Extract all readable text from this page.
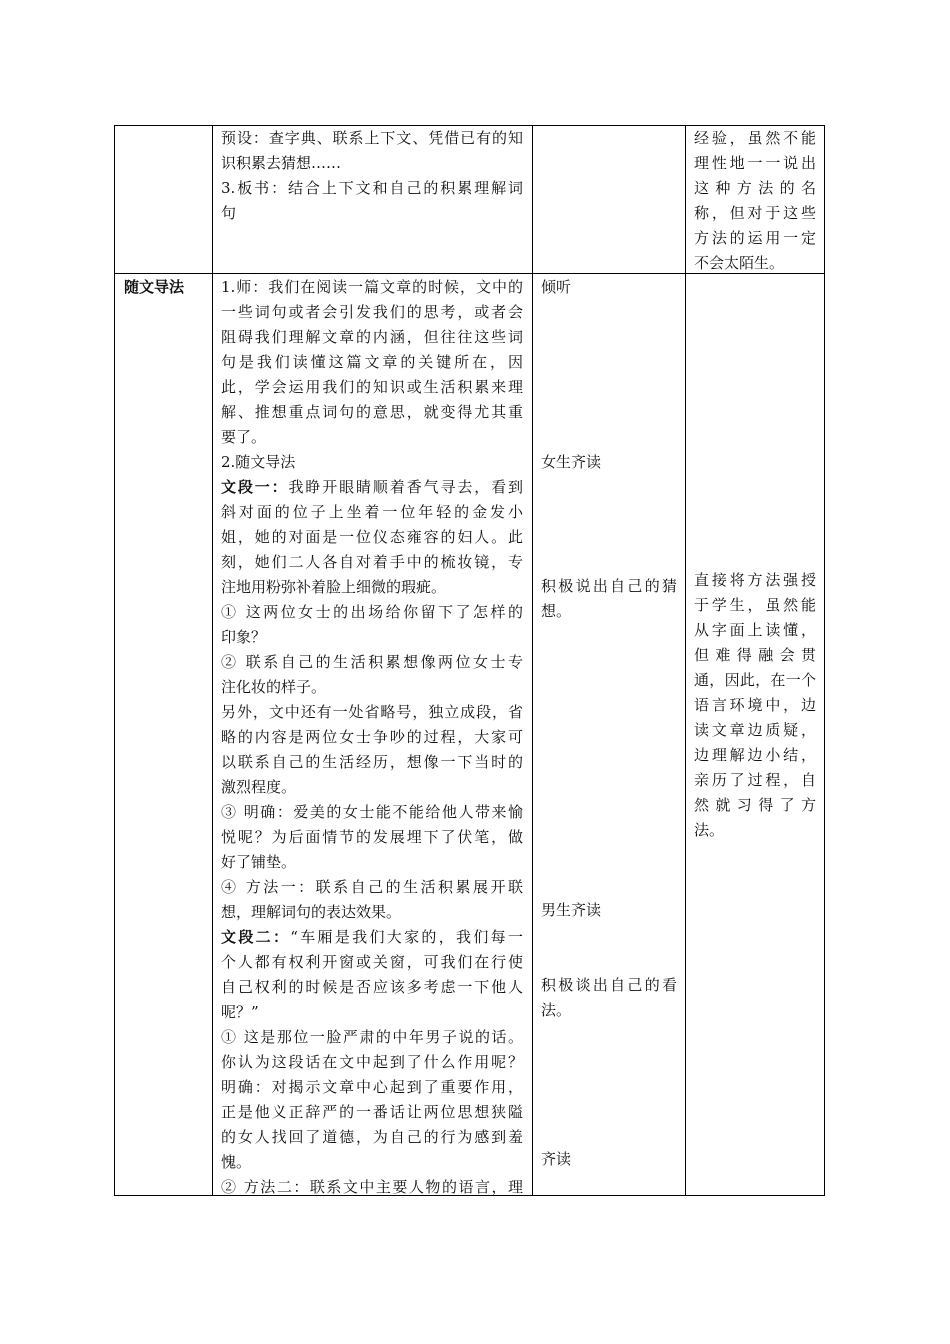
预设：查字典、联系上下文、凭借已有的知

识积累去猜想……

3.板书：结合上下文和自己的积累理解词

句

经验，虽然不能

理性地一一说出

这种方法的名

称，但对于这些

方法的运用一定

不会太陌生。

随文导法 1.师：我们在阅读一篇文章的时候，文中的

一些词句或者会引发我们的思考，或者会

阻碍我们理解文章的内涵，但往往这些词

句是我们读懂这篇文章的关键所在，因

此，学会运用我们的知识或生活积累来理

解、推想重点词句的意思，就变得尤其重

要了。

2.随文导法

文段一：我睁开眼睛顺着香气寻去，看到

斜对面的位子上坐着一位年轻的金发小

姐，她的对面是一位仪态雍容的妇人。此

刻，她们二人各自对着手中的梳妆镜，专

注地用粉弥补着脸上细微的瑕疵。

① 这两位女士的出场给你留下了怎样的

印象？

② 联系自己的生活积累想像两位女士专

注化妆的样子。

另外，文中还有一处省略号，独立成段，省

略的内容是两位女士争吵的过程，大家可

以联系自己的生活经历，想像一下当时的

激烈程度。

③ 明确：爱美的女士能不能给他人带来愉

悦呢？为后面情节的发展埋下了伏笔，做

好了铺垫。

④ 方法一：联系自己的生活积累展开联

想，理解词句的表达效果。

文段二：“车厢是我们大家的，我们每一

个人都有权利开窗或关窗，可我们在行使

自己权利的时候是否应该多考虑一下他人

呢？”

① 这是那位一脸严肃的中年男子说的话。

你认为这段话在文中起到了什么作用呢？

明确：对揭示文章中心起到了重要作用，

正是他义正辞严的一番话让两位思想狭隘

的女人找回了道德，为自己的行为感到羞

愧。

② 方法二：联系文中主要人物的语言，理

倾听
女生齐读

积极说出自己的猜

想。

男生齐读

积极谈出自己的看

法。

齐读

直接将方法强授

于学生，虽然能

从字面上读懂，

但难得融会贯

通，因此，在一个

语言环境中，边

读文章边质疑，

边理解边小结，

亲历了过程，自

然就习得了方

法。
